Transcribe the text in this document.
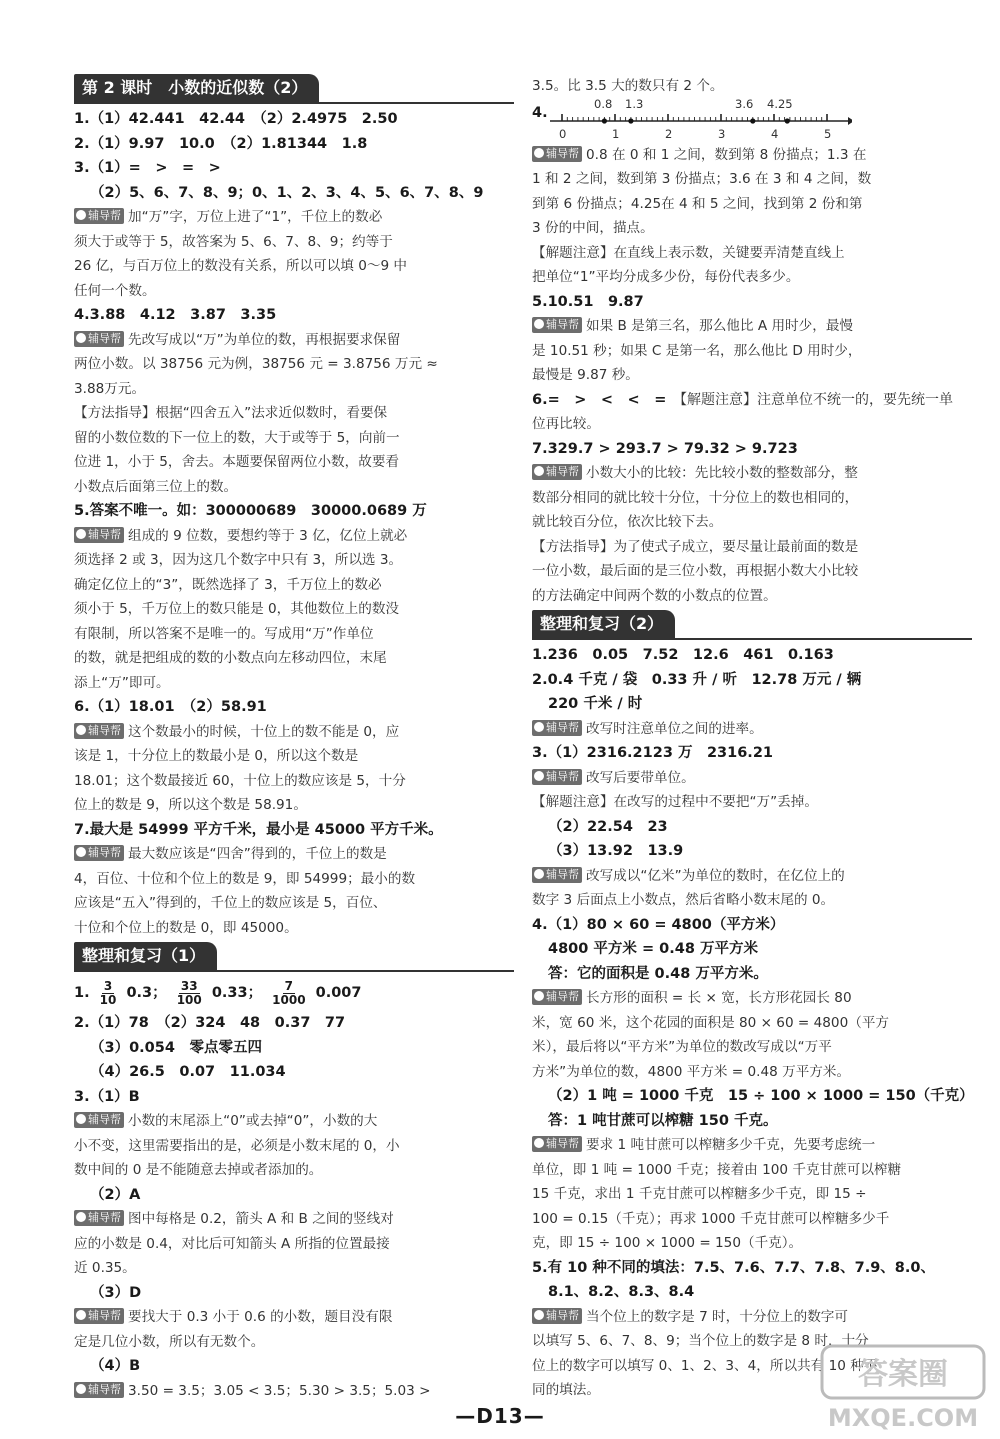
第 2 课时　小数的近似数（2）
1.（1）42.441　42.44　（2）2.4975　2.50
2.（1）9.97　10.0　（2）1.81344　1.8
3.（1）=　>　=　>
（2）5、6、7、8、9；0、1、2、3、4、5、6、7、8、9
辅导帮 加“万”字，万位上进了“1”，千位上的数必
须大于或等于 5，故答案为 5、6、7、8、9；约等于
26 亿，与百万位上的数没有关系，所以可以填 0～9 中
任何一个数。
4.3.88　4.12　3.87　3.35
辅导帮 先改写成以“万”为单位的数，再根据要求保留
两位小数。以 38756 元为例，38756 元 = 3.8756 万元 ≈
3.88万元。
【方法指导】根据“四舍五入”法求近似数时，看要保
留的小数位数的下一位上的数，大于或等于 5，向前一
位进 1，小于 5，舍去。本题要保留两位小数，故要看
小数点后面第三位上的数。
5.答案不唯一。如：300000689　30000.0689 万
辅导帮 组成的 9 位数，要想约等于 3 亿，亿位上就必
须选择 2 或 3，因为这几个数字中只有 3，所以选 3。
确定亿位上的“3”，既然选择了 3，千万位上的数必
须小于 5，千万位上的数只能是 0，其他数位上的数没
有限制，所以答案不是唯一的。写成用“万”作单位
的数，就是把组成的数的小数点向左移动四位，末尾
添上“万”即可。
6.（1）18.01　（2）58.91
辅导帮 这个数最小的时候，十位上的数不能是 0，应
该是 1，十分位上的数最小是 0，所以这个数是
18.01；这个数最接近 60，十位上的数应该是 5，十分
位上的数是 9，所以这个数是 58.91。
7.最大是 54999 平方千米，最小是 45000 平方千米。
辅导帮 最大数应该是“四舍”得到的，千位上的数是
4，百位、十位和个位上的数是 9，即 54999；最小的数
应该是“五入”得到的，千位上的数应该是 5，百位、
十位和个位上的数是 0，即 45000。
整理和复习（1）
1. $\frac{3}{10} 0.3$； $\frac{33}{100} 0.33$； $\frac{7}{1000} 0.007$
2.（1）78　（2）324　48　0.37　77
（3）0.054　零点零五四
（4）26.5　0.07　11.034
3.（1）B
辅导帮 小数的末尾添上“0”或去掉“0”，小数的大
小不变，这里需要指出的是，必须是小数末尾的 0，小
数中间的 0 是不能随意去掉或者添加的。
（2）A
辅导帮 图中每格是 0.2，箭头 A 和 B 之间的竖线对
应的小数是 0.4，对比后可知箭头 A 所指的位置最接
近 0.35。
（3）D
辅导帮 要找大于 0.3 小于 0.6 的小数，题目没有限
定是几位小数，所以有无数个。
（4）B
辅导帮 3.50 = 3.5；3.05 < 3.5；5.30 > 3.5；5.03 >
3.5。比 3.5 大的数只有 2 个。
4.
0.8 1.3	3.6 4.25
0	1	2	3	4	5
辅导帮 0.8 在 0 和 1 之间，数到第 8 份描点；1.3 在
1 和 2 之间，数到第 3 份描点；3.6 在 3 和 4 之间，数
到第 6 份描点；4.25在 4 和 5 之间，找到第 2 份和第
3 份的中间，描点。
【解题注意】在直线上表示数，关键要弄清楚直线上
把单位“1”平均分成多少份，每份代表多少。
5.10.51　9.87
辅导帮 如果 B 是第三名，那么他比 A 用时少，最慢
是 10.51 秒；如果 C 是第一名，那么他比 D 用时少，
最慢是 9.87 秒。
6.=　>　<　<　=　 【解题注意】注意单位不统一的，要先统一单
位再比较。
7.329.7 > 293.7 > 79.32 > 9.723
辅导帮 小数大小的比较：先比较小数的整数部分，整
数部分相同的就比较十分位，十分位上的数也相同的，
就比较百分位，依次比较下去。
【方法指导】为了使式子成立，要尽量让最前面的数是
一位小数，最后面的是三位小数，再根据小数大小比较
的方法确定中间两个数的小数点的位置。
整理和复习（2）
1.236　0.05　7.52　12.6　461　0.163
2.0.4 千克 / 袋　0.33 升 / 听　12.78 万元 / 辆
220 千米 / 时
辅导帮 改写时注意单位之间的进率。
3.（1）2316.2123 万　2316.21
辅导帮 改写后要带单位。
【解题注意】在改写的过程中不要把“万”丢掉。
（2）22.54　23
（3）13.92　13.9
辅导帮 改写成以“亿米”为单位的数时，在亿位上的
数字 3 后面点上小数点，然后省略小数末尾的 0。
4.（1）80 × 60 = 4800（平方米）
4800 平方米 = 0.48 万平方米
答：它的面积是 0.48 万平方米。
辅导帮 长方形的面积 = 长 × 宽，长方形花园长 80
米，宽 60 米，这个花园的面积是 80 × 60 = 4800（平方
米），最后将以“平方米”为单位的数改写成以“万平
方米”为单位的数，4800 平方米 = 0.48 万平方米。
（2）1 吨 = 1000 千克　15 ÷ 100 × 1000 = 150（千克）
答：1 吨甘蔗可以榨糖 150 千克。
辅导帮 要求 1 吨甘蔗可以榨糖多少千克，先要考虑统一
单位，即 1 吨 = 1000 千克；接着由 100 千克甘蔗可以榨糖
15 千克，求出 1 千克甘蔗可以榨糖多少千克，即 15 ÷
100 = 0.15（千克）；再求 1000 千克甘蔗可以榨糖多少千
克，即 15 ÷ 100 × 1000 = 150（千克）。
5.有 10 种不同的填法：7.5、7.6、7.7、7.8、7.9、8.0、
8.1、8.2、8.3、8.4
辅导帮 当个位上的数字是 7 时，十分位上的数字可
以填写 5、6、7、8、9；当个位上的数字是 8 时，十分
位上的数字可以填写 0、1、2、3、4，所以共有 10 种不
同的填法。
—D13—
答案圈
MXQE.COM
